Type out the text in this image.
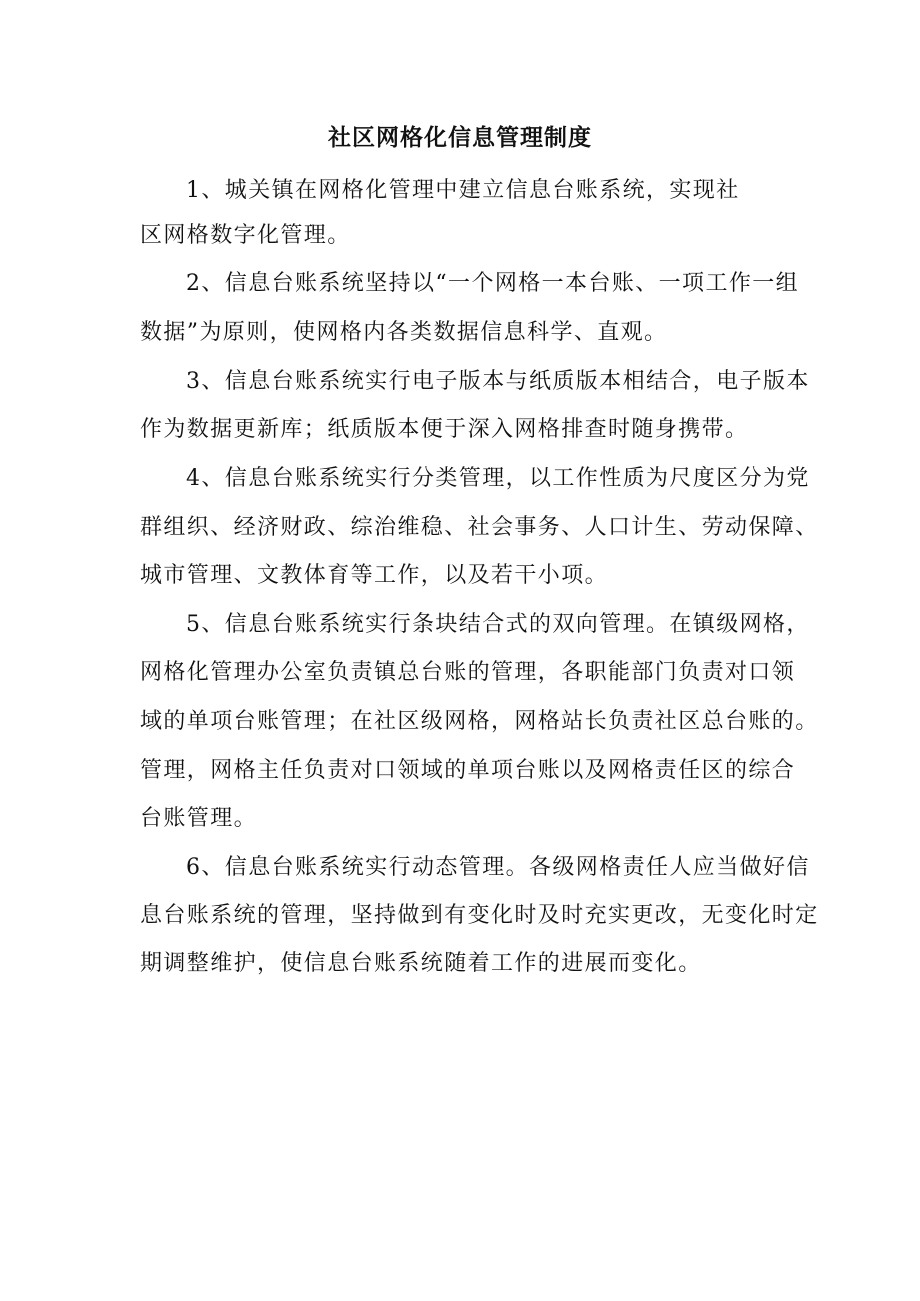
社区网格化信息管理制度
1、城关镇在网格化管理中建立信息台账系统，实现社
区网格数字化管理。
2、信息台账系统坚持以“一个网格一本台账、一项工作一组
数据”为原则，使网格内各类数据信息科学、直观。
3、信息台账系统实行电子版本与纸质版本相结合，电子版本
作为数据更新库；纸质版本便于深入网格排查时随身携带。
4、信息台账系统实行分类管理，以工作性质为尺度区分为党
群组织、经济财政、综治维稳、社会事务、人口计生、劳动保障、
城市管理、文教体育等工作，以及若干小项。
5、信息台账系统实行条块结合式的双向管理。在镇级网格，
网格化管理办公室负责镇总台账的管理，各职能部门负责对口领
域的单项台账管理；在社区级网格，网格站长负责社区总台账的。
管理，网格主任负责对口领域的单项台账以及网格责任区的综合
台账管理。
6、信息台账系统实行动态管理。各级网格责任人应当做好信
息台账系统的管理，坚持做到有变化时及时充实更改，无变化时定
期调整维护，使信息台账系统随着工作的进展而变化。
